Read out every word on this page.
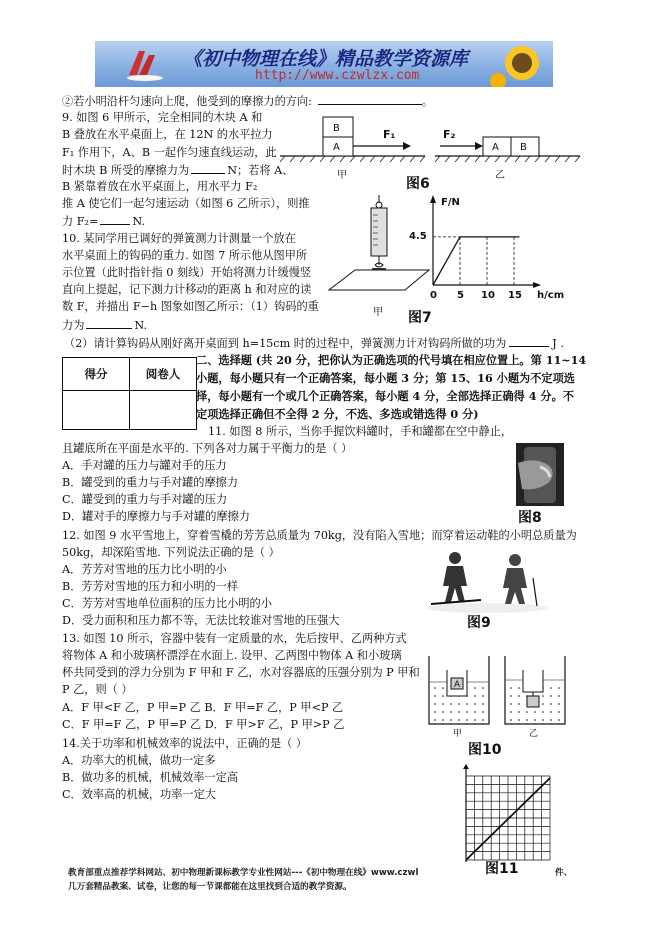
《初中物理在线》精品教学资源库
http://www.czwlzx.com
②若小明沿杆匀速向上爬，他受到的摩擦力的方向:	。
9. 如图 6 甲所示，完全相同的木块 A 和
B 叠放在水平桌面上，在 12N 的水平拉力
F₁ 作用下，A、B 一起作匀速直线运动，此
时木块 B 所受的摩擦力为	N；若将 A、
B 紧靠着放在水平桌面上，用水平力 F₂
推 A 使它们一起匀速运动（如图 6 乙所示），则推
力 F₂=	N.
B
A
F₁
甲
F₂
A B
乙
图6
10. 某同学用已调好的弹簧测力计测量一个放在
水平桌面上的钩码的重力. 如图 7 所示他从图甲所
示位置（此时指针指 0 刻线）开始将测力计缓慢竖
直向上提起，记下测力计移动的距离 h 和对应的读
数 F，并描出 F−h 图象如图乙所示：（1）钩码的重
力为	N.
（2）请计算钩码从刚好离开桌面到 h=15cm 时的过程中，弹簧测力计对钩码所做的功为	J .
甲
F/N
h/cm
4.5
0 5 10 15
图7
得分	阅卷人

二、选择题 (共 20 分，把你认为正确选项的代号填在相应位置上。第 11~14
小题，每小题只有一个正确答案，每小题 3 分；第 15、16 小题为不定项选
择，每小题有一个或几个正确答案，每小题 4 分，全部选择正确得 4 分。不
定项选择正确但不全得 2 分，不选、多选或错选得 0 分)
11. 如图 8 所示，当你手握饮料罐时，手和罐都在空中静止，
且罐底所在平面是水平的. 下列各对力属于平衡力的是（ ）
A．手对罐的压力与罐对手的压力
B．罐受到的重力与手对罐的摩擦力
C．罐受到的重力与手对罐的压力
D．罐对手的摩擦力与手对罐的摩擦力	图8
12. 如图 9 水平雪地上，穿着雪橇的芳芳总质量为 70kg，没有陷入雪地；而穿着运动鞋的小明总质量为
50kg，却深陷雪地. 下列说法正确的是（ ）
A．芳芳对雪地的压力比小明的小
B．芳芳对雪地的压力和小明的一样
C．芳芳对雪地单位面积的压力比小明的小
D．受力面积和压力都不等，无法比较谁对雪地的压强大	图9
13. 如图 10 所示，容器中装有一定质量的水，先后按甲、乙两种方式
将物体 A 和小玻璃杯漂浮在水面上. 设甲、乙两图中物体 A 和小玻璃
杯共同受到的浮力分别为 F 甲和 F 乙，水对容器底的压强分别为 P 甲和
P 乙，则（ ）
A．F 甲<F 乙，P 甲=P 乙 B．F 甲=F 乙，P 甲<P 乙
C．F 甲=F 乙，P 甲=P 乙 D．F 甲>F 乙，P 甲>P 乙
A
甲	乙
图10
14.关于功率和机械效率的说法中，正确的是（ ）
A．功率大的机械，做功一定多
B．做功多的机械，机械效率一定高
C．效率高的机械，功率一定大
图11
教育部重点推荐学科网站、初中物理新课标教学专业性网站---《初中物理在线》www.czwl	件、
几万套精品教案、试卷，让您的每一节课都能在这里找到合适的教学资源。
